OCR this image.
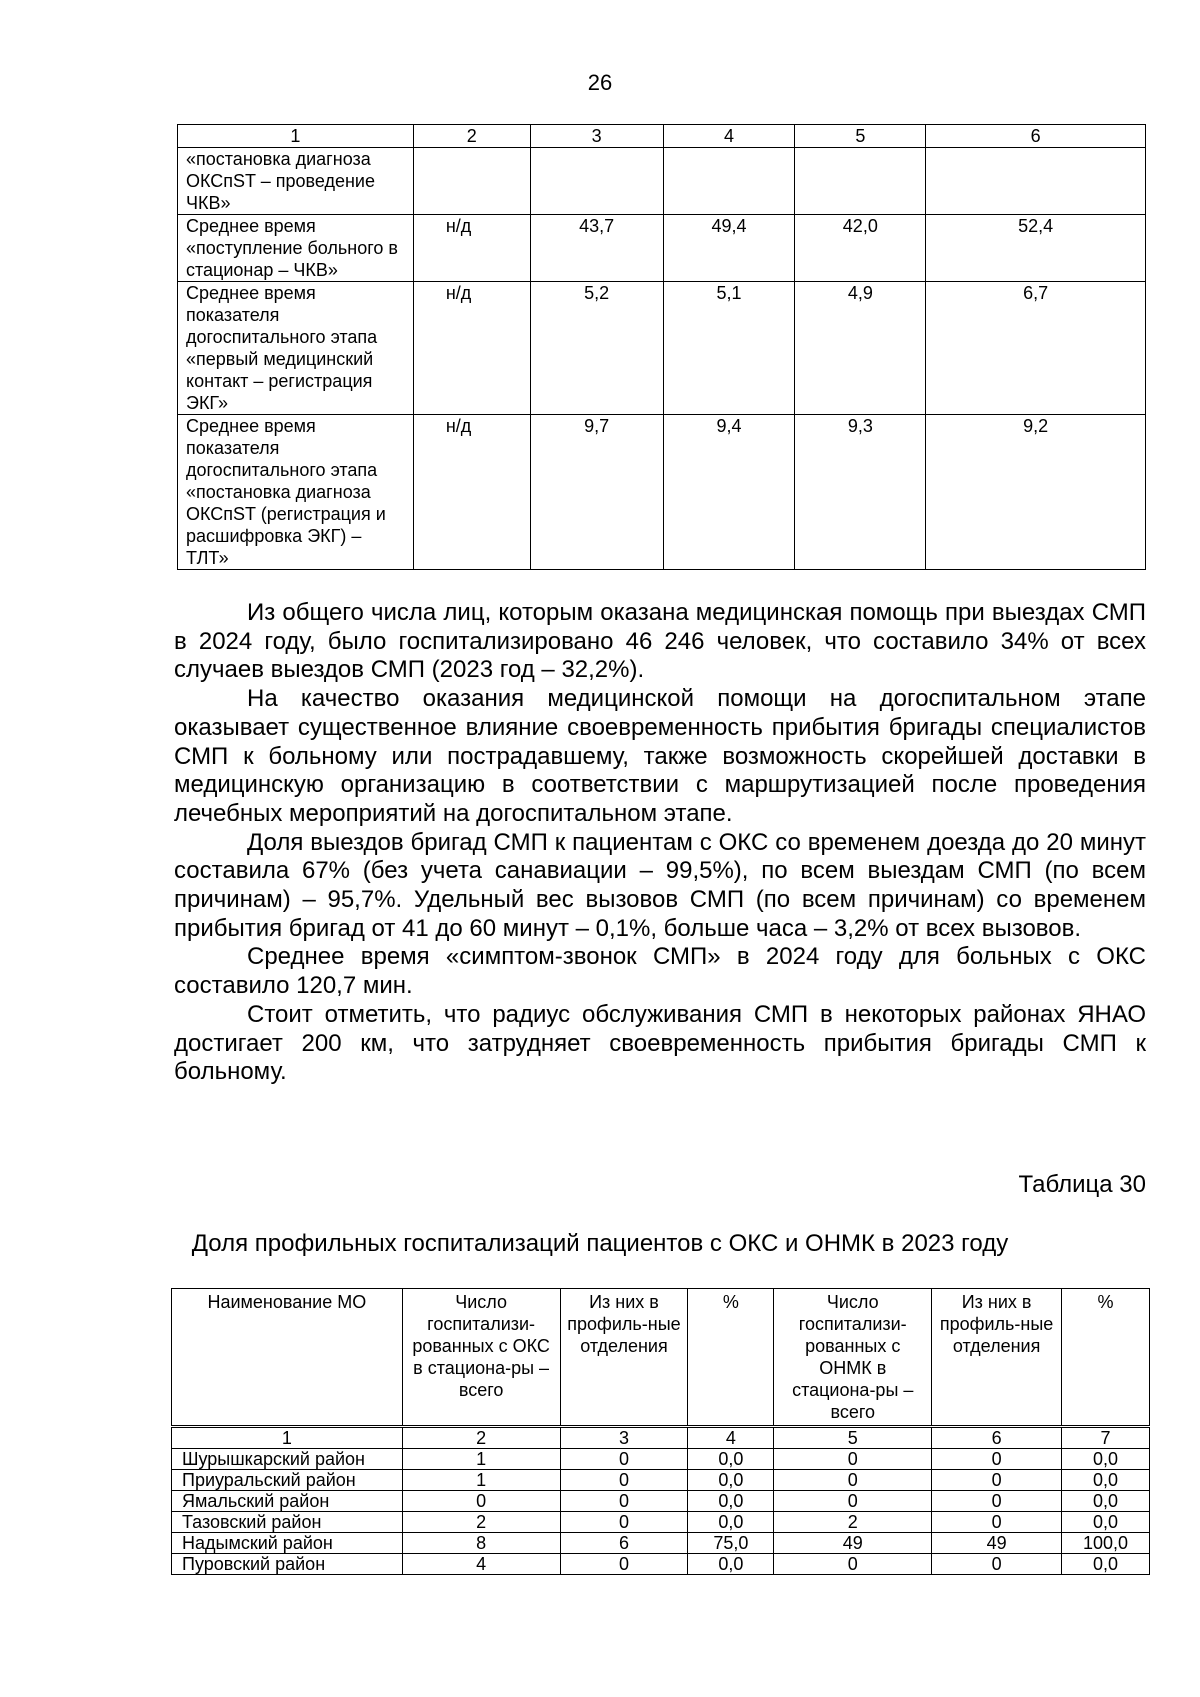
26
1	2	3	4	5	6
«постановка диагноза ОКСпST – проведение ЧКВ»					
Среднее время «поступление больного в стационар – ЧКВ»	н/д	43,7	49,4	42,0	52,4
Среднее время показателя догоспитального этапа «первый медицинский контакт – регистрация ЭКГ»	н/д	5,2	5,1	4,9	6,7
Среднее время показателя догоспитального этапа «постановка диагноза ОКСпST (регистрация и расшифровка ЭКГ) – ТЛТ»	н/д	9,7	9,4	9,3	9,2

Из общего числа лиц, которым оказана медицинская помощь при выездах СМП в 2024 году, было госпитализировано 46 246 человек, что составило 34% от всех случаев выездов СМП (2023 год – 32,2%).

На качество оказания медицинской помощи на догоспитальном этапе оказывает существенное влияние своевременность прибытия бригады специалистов СМП к больному или пострадавшему, также возможность скорейшей доставки в медицинскую организацию в соответствии с маршрутизацией после проведения лечебных мероприятий на догоспитальном этапе.

Доля выездов бригад СМП к пациентам с ОКС со временем доезда до 20 минут составила 67% (без учета санавиации – 99,5%), по всем выездам СМП (по всем причинам) – 95,7%. Удельный вес вызовов СМП (по всем причинам) со временем прибытия бригад от 41 до 60 минут – 0,1%, больше часа – 3,2% от всех вызовов.

Среднее время «симптом-звонок СМП» в 2024 году для больных с ОКС составило 120,7 мин.

Стоит отметить, что радиус обслуживания СМП в некоторых районах ЯНАО достигает 200 км, что затрудняет своевременность прибытия бригады СМП к больному.

Таблица 30
Доля профильных госпитализаций пациентов с ОКС и ОНМК в 2023 году
Наименование МО	Число госпитализи-рованных с ОКС в стациона-ры – всего	Из них в профиль-ные отделения	%	Число госпитализи-рованных с ОНМК в стациона-ры – всего	Из них в профиль-ные отделения	%
1	2	3	4	5	6	7
Шурышкарский район	1	0	0,0	0	0	0,0
Приуральский район	1	0	0,0	0	0	0,0
Ямальский район	0	0	0,0	0	0	0,0
Тазовский район	2	0	0,0	2	0	0,0
Надымский район	8	6	75,0	49	49	100,0
Пуровский район	4	0	0,0	0	0	0,0
